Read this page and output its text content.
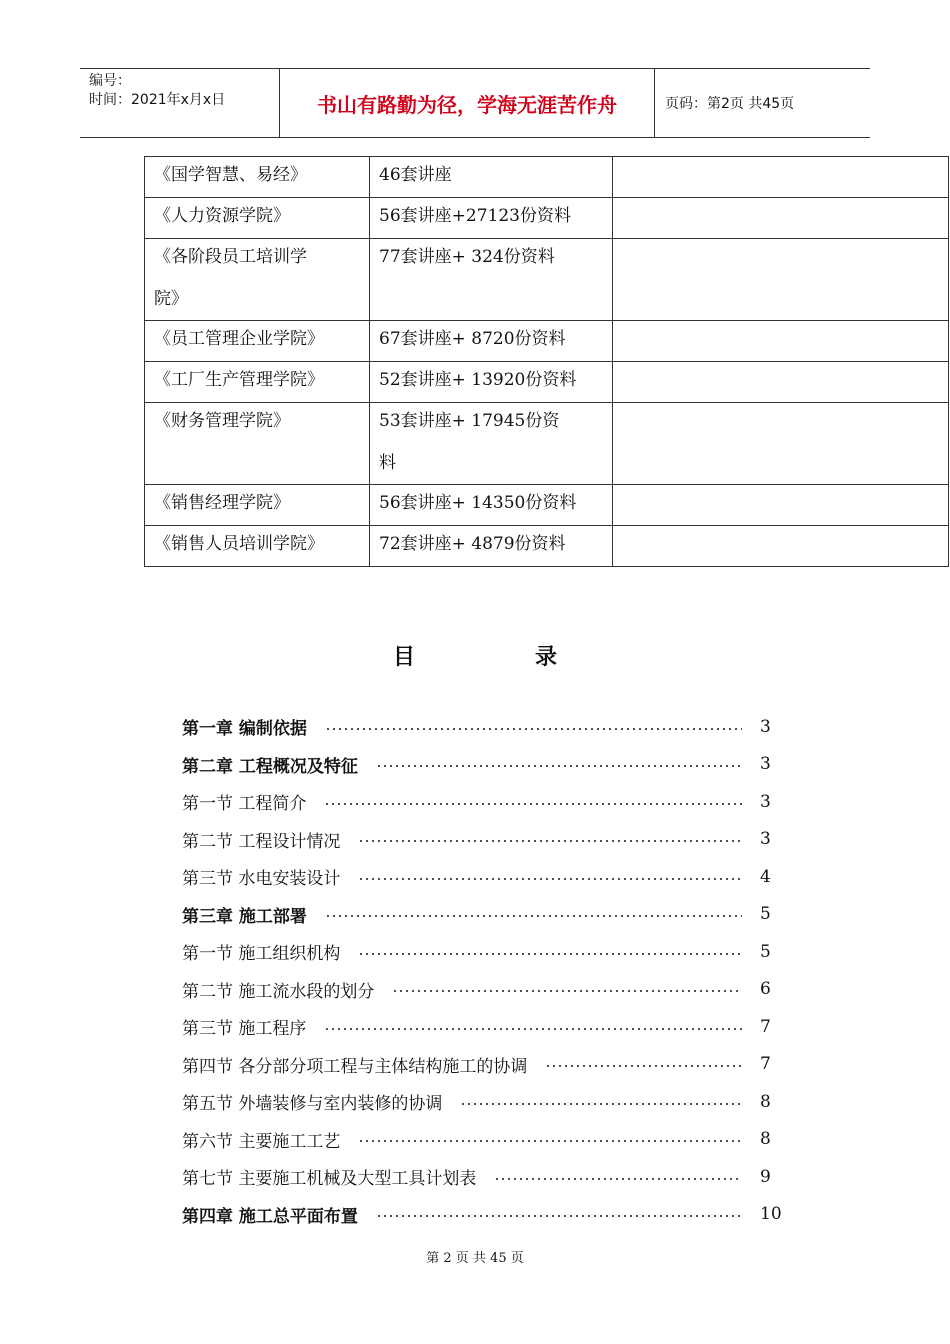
编号：
时间：2021年x月x日	书山有路勤为径，学海无涯苦作舟	页码：第2页 共45页
《国学智慧、易经》	46套讲座	

《人力资源学院》	56套讲座+27123份资料	

《各阶段员工培训学
院》	77套讲座+ 324份资料	

《员工管理企业学院》	67套讲座+ 8720份资料	

《工厂生产管理学院》	52套讲座+ 13920份资料	

《财务管理学院》	53套讲座+ 17945份资
料	

《销售经理学院》	56套讲座+ 14350份资料	

《销售人员培训学院》	72套讲座+ 4879份资料	

目	录
第一章 编制依据	3
第二章 工程概况及特征	3
第一节 工程简介	3
第二节 工程设计情况	3
第三节 水电安装设计	4
第三章 施工部署	5
第一节 施工组织机构	5
第二节 施工流水段的划分	6
第三节 施工程序	7
第四节 各分部分项工程与主体结构施工的协调	7
第五节 外墙装修与室内装修的协调	8
第六节 主要施工工艺	8
第七节 主要施工机械及大型工具计划表	9
第四章 施工总平面布置	10
第 2 页 共 45 页
